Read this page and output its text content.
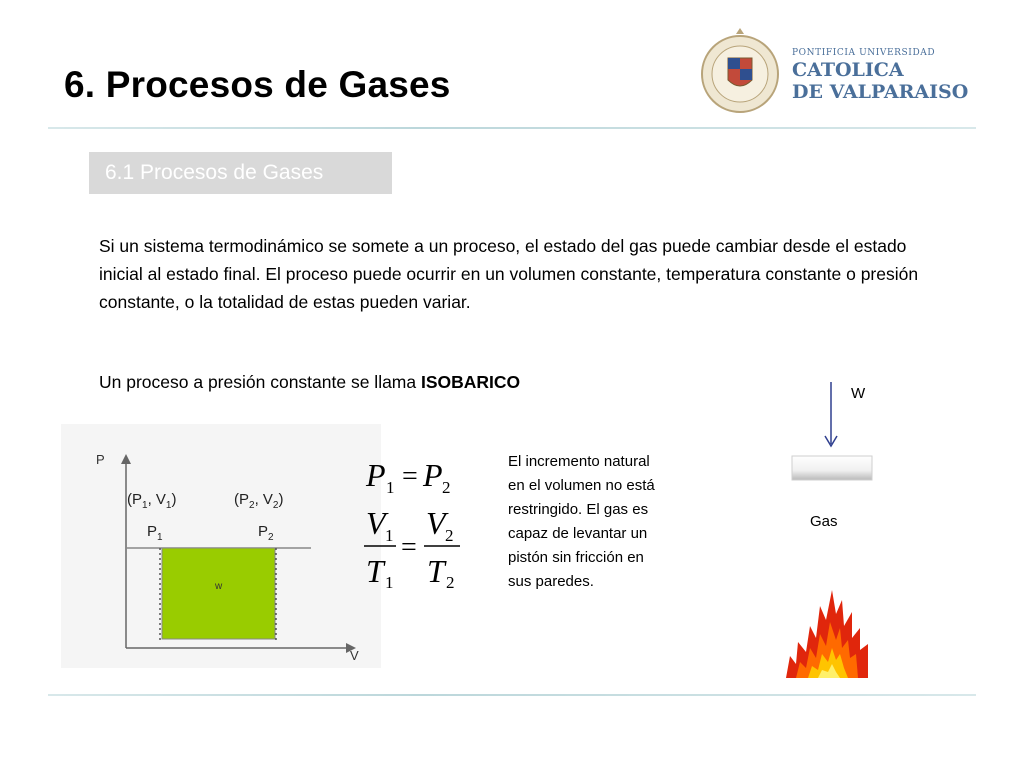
6. Procesos de Gases
PONTIFICIA UNIVERSIDAD
CATOLICA
DE VALPARAISO
6.1 Procesos de Gases
Si un sistema termodinámico se somete a un proceso, el estado del gas puede cambiar desde el estado inicial al estado final. El proceso puede ocurrir en un volumen constante, temperatura constante o presión constante, o la totalidad de estas pueden variar.
Un proceso a presión constante se llama ISOBARICO
P
V
w
($P_1$, $V_1$)	($P_2$, $V_2$)
$P_1$	$P_2$
P 1 = P 2
V 1
T 1
=
V 2
T 2
El incremento natural en el volumen no está restringido. El gas es capaz de levantar un pistón sin fricción en sus paredes.
W
Gas
